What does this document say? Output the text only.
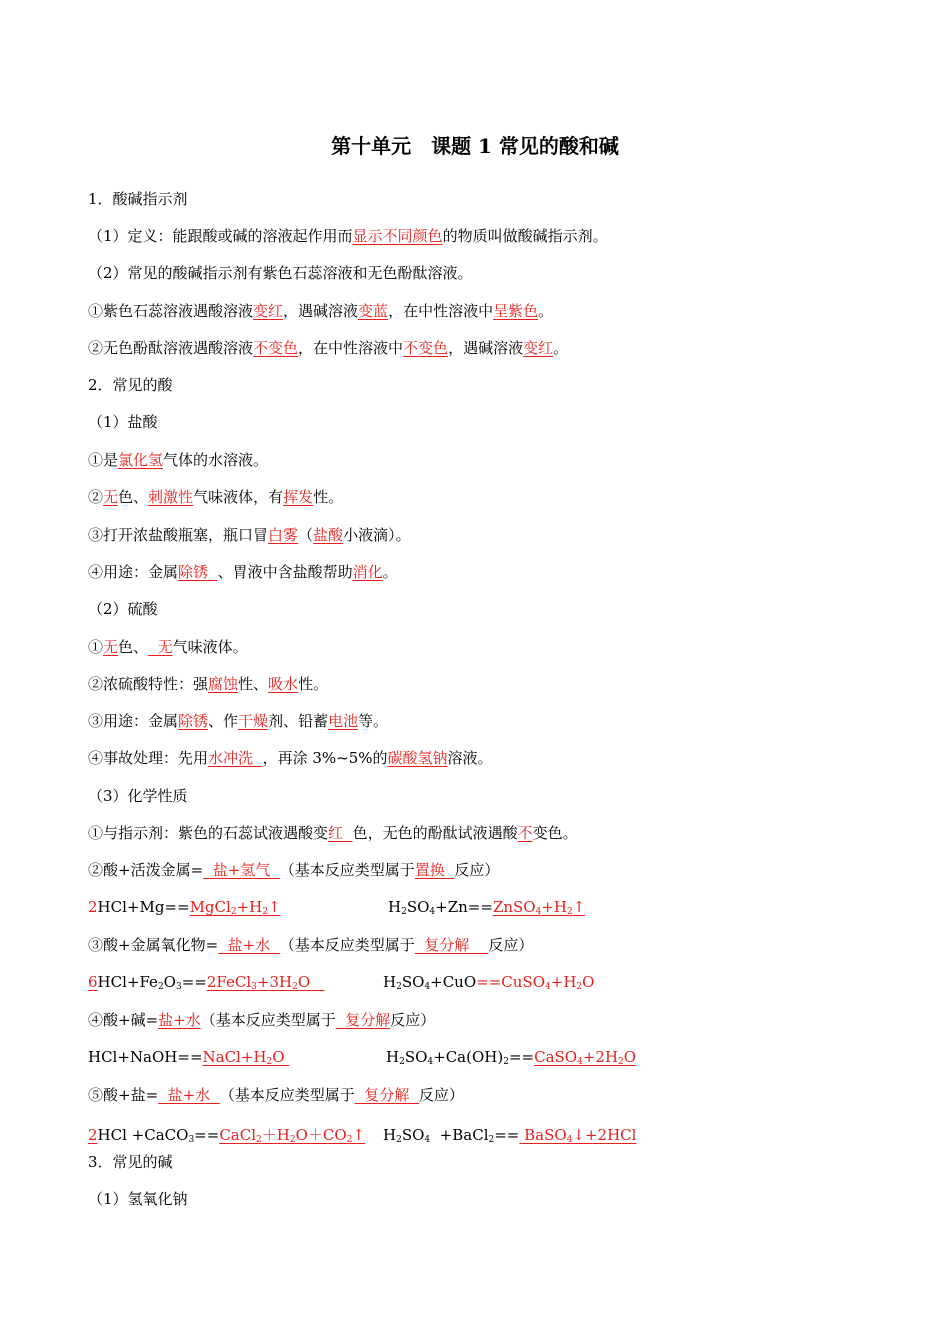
第十单元　课题 1 常见的酸和碱
1．酸碱指示剂
（1）定义：能跟酸或碱的溶液起作用而显示不同颜色的物质叫做酸碱指示剂。
（2）常见的酸碱指示剂有紫色石蕊溶液和无色酚酞溶液。
①紫色石蕊溶液遇酸溶液变红，遇碱溶液变蓝，在中性溶液中呈紫色。
②无色酚酞溶液遇酸溶液不变色，在中性溶液中不变色，遇碱溶液变红。
2．常见的酸
（1）盐酸
①是氯化氢气体的水溶液。
②无色、刺激性气味液体，有挥发性。
③打开浓盐酸瓶塞，瓶口冒白雾（盐酸小液滴）。
④用途：金属除锈  、胃液中含盐酸帮助消化。
（2）硫酸
①无色、  无气味液体。
②浓硫酸特性：强腐蚀性、吸水性。
③用途：金属除锈、作干燥剂、铅蓄电池等。
④事故处理：先用水冲洗  ，再涂 3%~5%的碳酸氢钠溶液。
（3）化学性质
①与指示剂：紫色的石蕊试液遇酸变红  色，无色的酚酞试液遇酸不变色。
②酸+活泼金属=  盐+氢气  （基本反应类型属于置换  反应）
$2HCl+Mg==MgCl_2+H_2↑$	$H_2SO_4+Zn==ZnSO_4+H_2↑$
③酸+金属氧化物=  盐+水  （基本反应类型属于  复分解    反应）
$6HCl+Fe_2O_3==2FeCl_3+3H_2O$	$H_2SO_4+CuO==CuSO_4+H_2O$
④酸+碱=盐+水（基本反应类型属于  复分解反应）
$HCl+NaOH==NaCl+H_2O$	$H_2SO_4+Ca(OH)_2==CaSO_4+2H_2O$
⑤酸+盐=  盐+水  （基本反应类型属于  复分解  反应）
$2HCl +CaCO_3==CaCl_2+H_2O+CO_2↑$ $H_2SO_4$  +BaCl$_2$== BaSO$_4$↓+2HCl
3．常见的碱
（1）氢氧化钠
